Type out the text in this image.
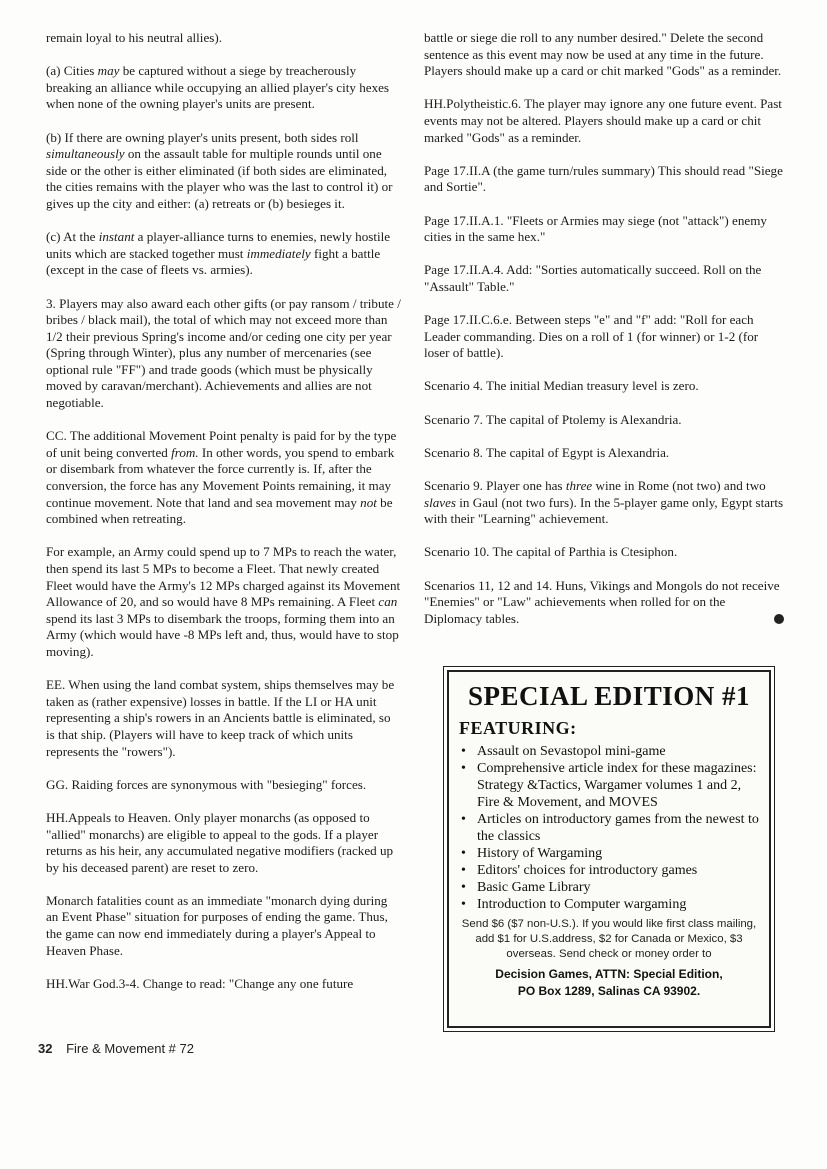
remain loyal to his neutral allies).

(a) Cities may be captured without a siege by treacherously breaking an alliance while occupying an allied player's city hexes when none of the owning player's units are present.

(b) If there are owning player's units present, both sides roll simultaneously on the assault table for multiple rounds until one side or the other is either eliminated (if both sides are eliminated, the cities remains with the player who was the last to control it) or gives up the city and either: (a) retreats or (b) besieges it.

(c) At the instant a player-alliance turns to enemies, newly hostile units which are stacked together must immediately fight a battle (except in the case of fleets vs. armies).

3. Players may also award each other gifts (or pay ransom / tribute / bribes / black mail), the total of which may not exceed more than 1/2 their previous Spring's income and/or ceding one city per year (Spring through Winter), plus any number of mercenaries (see optional rule "FF") and trade goods (which must be physically moved by caravan/merchant). Achievements and allies are not negotiable.

CC. The additional Movement Point penalty is paid for by the type of unit being converted from. In other words, you spend to embark or disembark from whatever the force currently is. If, after the conversion, the force has any Movement Points remaining, it may continue movement. Note that land and sea movement may not be combined when retreating.

For example, an Army could spend up to 7 MPs to reach the water, then spend its last 5 MPs to become a Fleet. That newly created Fleet would have the Army's 12 MPs charged against its Movement Allowance of 20, and so would have 8 MPs remaining. A Fleet can spend its last 3 MPs to disembark the troops, forming them into an Army (which would have -8 MPs left and, thus, would have to stop moving).

EE. When using the land combat system, ships themselves may be taken as (rather expensive) losses in battle. If the LI or HA unit representing a ship's rowers in an Ancients battle is eliminated, so is that ship. (Players will have to keep track of which units represents the "rowers").

GG. Raiding forces are synonymous with "besieging" forces.

HH.Appeals to Heaven. Only player monarchs (as opposed to "allied" monarchs) are eligible to appeal to the gods. If a player returns as his heir, any accumulated negative modifiers (racked up by his deceased parent) are reset to zero.

Monarch fatalities count as an immediate "monarch dying during an Event Phase" situation for purposes of ending the game. Thus, the game can now end immediately during a player's Appeal to Heaven Phase.

HH.War God.3-4. Change to read: "Change any one future

battle or siege die roll to any number desired." Delete the second sentence as this event may now be used at any time in the future. Players should make up a card or chit marked "Gods" as a reminder.

HH.Polytheistic.6. The player may ignore any one future event. Past events may not be altered. Players should make up a card or chit marked "Gods" as a reminder.

Page 17.II.A (the game turn/rules summary) This should read "Siege and Sortie".

Page 17.II.A.1. "Fleets or Armies may siege (not "attack") enemy cities in the same hex."

Page 17.II.A.4. Add: "Sorties automatically succeed. Roll on the "Assault" Table."

Page 17.II.C.6.e. Between steps "e" and "f" add: "Roll for each Leader commanding. Dies on a roll of 1 (for winner) or 1-2 (for loser of battle).

Scenario 4. The initial Median treasury level is zero.

Scenario 7. The capital of Ptolemy is Alexandria.

Scenario 8. The capital of Egypt is Alexandria.

Scenario 9. Player one has three wine in Rome (not two) and two slaves in Gaul (not two furs). In the 5-player game only, Egypt starts with their "Learning" achievement.

Scenario 10. The capital of Parthia is Ctesiphon.

Scenarios 11, 12 and 14. Huns, Vikings and Mongols do not receive "Enemies" or "Law" achievements when rolled for on the Diplomacy tables.

SPECIAL EDITION #1
FEATURING:
• Assault on Sevastopol mini-game
• Comprehensive article index for these magazines: Strategy &Tactics, Wargamer volumes 1 and 2, Fire & Movement, and MOVES
• Articles on introductory games from the newest to the classics
• History of Wargaming
• Editors' choices for introductory games
• Basic Game Library
• Introduction to Computer wargaming
Send $6 ($7 non-U.S.). If you would like first class mailing, add $1 for U.S.address, $2 for Canada or Mexico, $3 overseas. Send check or money order to
Decision Games, ATTN: Special Edition,
PO Box 1289, Salinas CA 93902.
32 Fire & Movement # 72
